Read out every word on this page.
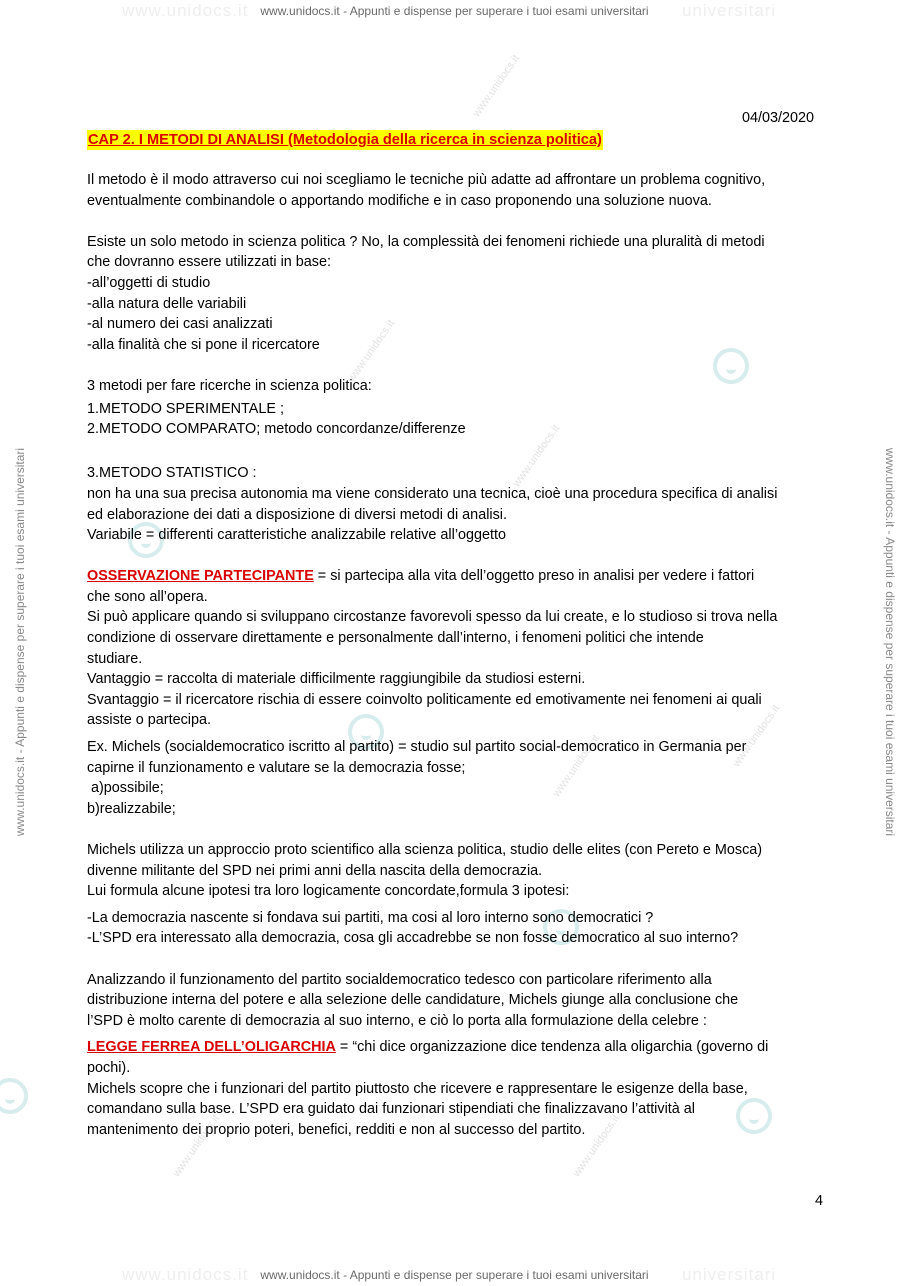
www.unidocs.it	universitari
www.unidocs.it - Appunti e dispense per superare i tuoi esami universitari
www.unidocs.it	universitari
www.unidocs.it - Appunti e dispense per superare i tuoi esami universitari
www.unidocs.it - Appunti e dispense per superare i tuoi esami universitari	www.unidocs.it - Appunti e dispense per superare i tuoi esami universitari
www.unidocs.it
www.unidocs.it
www.unidocs.it
www.unidocs.it
www.unidocs.it
www.unidocs.it	www.unidocs.it
04/03/2020
CAP 2. I METODI DI ANALISI (Metodologia della ricerca in scienza politica)

Il metodo è il modo attraverso cui noi scegliamo le tecniche più adatte ad affrontare un problema cognitivo, eventualmente combinandole o apportando modifiche e in caso proponendo una soluzione nuova.

Esiste un solo metodo in scienza politica ? No, la complessità dei fenomeni richiede una pluralità di metodi

che dovranno essere utilizzati in base:

-all’oggetti di studio

-alla natura delle variabili

-al numero dei casi analizzati

-alla finalità che si pone il ricercatore

3 metodi per fare ricerche in scienza politica:

1.METODO SPERIMENTALE ;

2.METODO COMPARATO; metodo concordanze/differenze

3.METODO STATISTICO :

non ha una sua precisa autonomia ma viene considerato una tecnica, cioè una procedura specifica di analisi

ed elaborazione dei dati a disposizione di diversi metodi di analisi.

Variabile = differenti caratteristiche analizzabile relative all’oggetto

OSSERVAZIONE PARTECIPANTE = si partecipa alla vita dell’oggetto preso in analisi per vedere i fattori

che sono all’opera.

Si può applicare quando si sviluppano circostanze favorevoli spesso da lui create, e lo studioso si trova nella

condizione di osservare direttamente e personalmente dall’interno, i fenomeni politici che intende

studiare.

Vantaggio = raccolta di materiale difficilmente raggiungibile da studiosi esterni.

Svantaggio = il ricercatore rischia di essere coinvolto politicamente ed emotivamente nei fenomeni ai quali

assiste o partecipa.

Ex. Michels (socialdemocratico iscritto al partito) = studio sul partito social-democratico in Germania per

capirne il funzionamento e valutare se la democrazia fosse;

a)possibile;

b)realizzabile;

Michels utilizza un approccio proto scientifico alla scienza politica, studio delle elites (con Pereto e Mosca)

divenne militante del SPD nei primi anni della nascita della democrazia.

Lui formula alcune ipotesi tra loro logicamente concordate,formula 3 ipotesi:

-La democrazia nascente si fondava sui partiti, ma cosi al loro interno sono democratici ?

-L’SPD era interessato alla democrazia, cosa gli accadrebbe se non fosse democratico al suo interno?

Analizzando il funzionamento del partito socialdemocratico tedesco con particolare riferimento alla

distribuzione interna del potere e alla selezione delle candidature, Michels giunge alla conclusione che

l’SPD è molto carente di democrazia al suo interno, e ciò lo porta alla formulazione della celebre :

LEGGE FERREA DELL’OLIGARCHIA = “chi dice organizzazione dice tendenza alla oligarchia (governo di

pochi).

Michels scopre che i funzionari del partito piuttosto che ricevere e rappresentare le esigenze della base,

comandano sulla base. L’SPD era guidato dai funzionari stipendiati che finalizzavano l’attività al

mantenimento dei proprio poteri, benefici, redditi e non al successo del partito.

4
